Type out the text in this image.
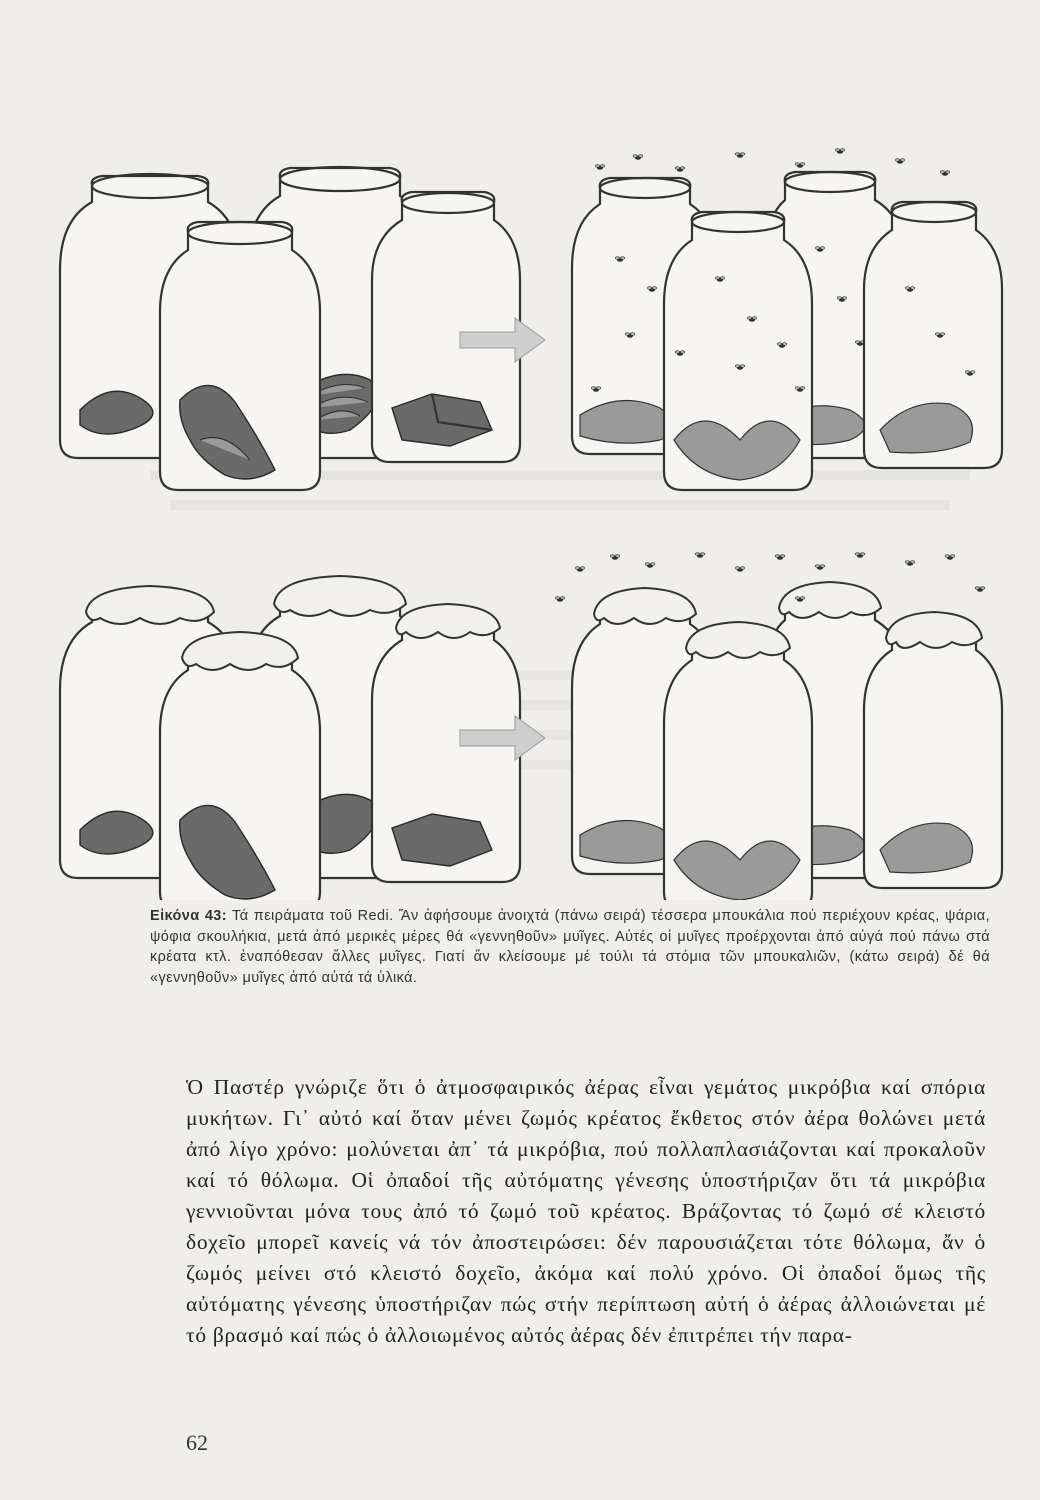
Εἰκόνα 43: Τά πειράματα τοῦ Redi. Ἄν ἀφήσουμε ἀνοιχτά (πάνω σειρά) τέσσερα μπουκάλια πού περιέχουν κρέας, ψάρια, ψόφια σκουλήκια, μετά ἀπό μερικές μέρες θά «γεννηθοῦν» μυῖγες. Αὐτές οἱ μυῖγες προέρχονται ἀπό αὐγά πού πάνω στά κρέατα κτλ. ἐναπόθεσαν ἄλλες μυῖγες. Γιατί ἄν κλείσουμε μέ τούλι τά στόμια τῶν μπουκαλιῶν, (κάτω σειρά) δέ θά «γεννηθοῦν» μυῖγες ἀπό αὐτά τά ὑλικά.

Ὁ Παστέρ γνώριζε ὅτι ὁ ἀτμοσφαιρικός ἀέρας εἶναι γεμάτος μικρόβια καί σπόρια μυκήτων. Γι᾽ αὐτό καί ὅταν μένει ζωμός κρέατος ἔκθετος στόν ἀέρα θολώνει μετά ἀπό λίγο χρόνο: μολύνεται ἀπ᾽ τά μικρόβια, πού πολλαπλασιάζονται καί προκαλοῦν καί τό θόλωμα. Οἱ ὀπαδοί τῆς αὐτόματης γένεσης ὑποστήριζαν ὅτι τά μικρόβια γεννιοῦνται μόνα τους ἀπό τό ζωμό τοῦ κρέατος. Βράζοντας τό ζωμό σέ κλειστό δοχεῖο μπορεῖ κανείς νά τόν ἀποστειρώσει: δέν παρουσιάζεται τότε θόλωμα, ἄν ὁ ζωμός μείνει στό κλειστό δοχεῖο, ἀκόμα καί πολύ χρόνο. Οἱ ὀπαδοί ὅμως τῆς αὐτόματης γένεσης ὑποστήριζαν πώς στήν περίπτωση αὐτή ὁ ἀέρας ἀλλοιώνεται μέ τό βρασμό καί πώς ὁ ἀλλοιωμένος αὐτός ἀέρας δέν ἐπιτρέπει τήν παρα-

62
